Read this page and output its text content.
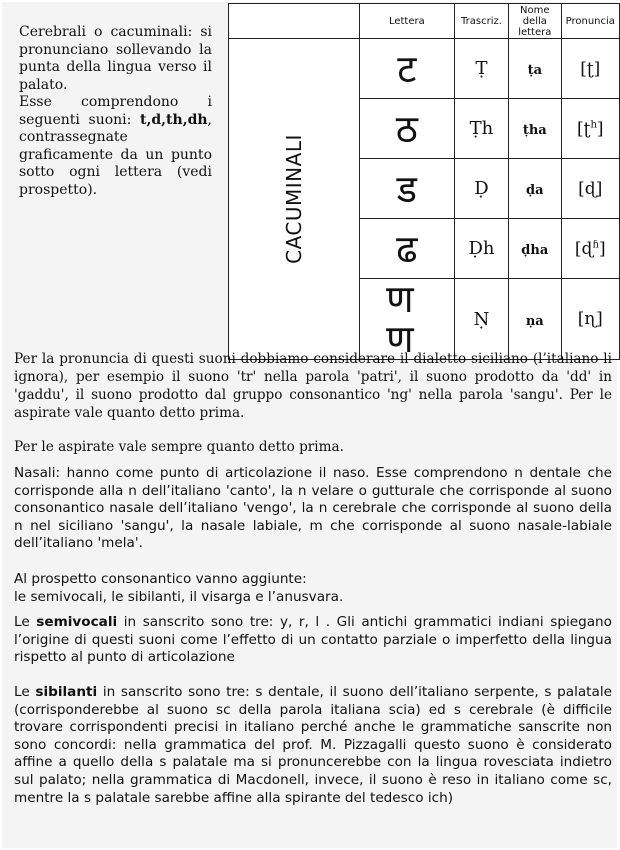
Cerebrali o cacuminali: si pronunciano sollevando la punta della lingua verso il palato.
Esse comprendono i seguenti suoni: t,d,th,dh, contrassegnate graficamente da un punto sotto ogni lettera (vedi prospetto).

	Lettera	Trascriz.	Nome della lettera	Pronuncia

CACUMINALI	ट	Ṭ	ṭa	[ʈ]
	ठ	Ṭh	ṭha	[ʈ$^h$]
	ड	Ḍ	ḍa	[ɖ]
	ढ	Ḍh	ḍha	[ɖ$^ɦ$]
	ण ण	Ṇ	ṇa	[ɳ]

Per la pronuncia di questi suoni dobbiamo considerare il dialetto siciliano (l’italiano li ignora), per esempio il suono 'tr' nella parola 'patri', il suono prodotto da 'dd' in 'gaddu', il suono prodotto dal gruppo consonantico 'ng' nella parola 'sangu'. Per le aspirate vale quanto detto prima.

Per le aspirate vale sempre quanto detto prima.

Nasali: hanno come punto di articolazione il naso. Esse comprendono n dentale che corrisponde alla n dell’italiano 'canto', la n velare o gutturale che corrisponde al suono consonantico nasale dell’italiano 'vengo', la n cerebrale che corrisponde al suono della n nel siciliano 'sangu', la nasale labiale, m che corrisponde al suono nasale-labiale dell’italiano 'mela'.

Al prospetto consonantico vanno aggiunte:
le semivocali, le sibilanti, il visarga e l’anusvara.

Le semivocali in sanscrito sono tre: y, r, l . Gli antichi grammatici indiani spiegano l’origine di questi suoni come l’effetto di un contatto parziale o imperfetto della lingua rispetto al punto di articolazione

Le sibilanti in sanscrito sono tre: s dentale, il suono dell’italiano serpente, s palatale (corrisponderebbe al suono sc della parola italiana scia) ed s cerebrale (è difficile trovare corrispondenti precisi in italiano perché anche le grammatiche sanscrite non sono concordi: nella grammatica del prof. M. Pizzagalli questo suono è considerato affine a quello della s palatale ma si pronuncerebbe con la lingua rovesciata indietro sul palato; nella grammatica di Macdonell, invece, il suono è reso in italiano come sc, mentre la s palatale sarebbe affine alla spirante del tedesco ich)
